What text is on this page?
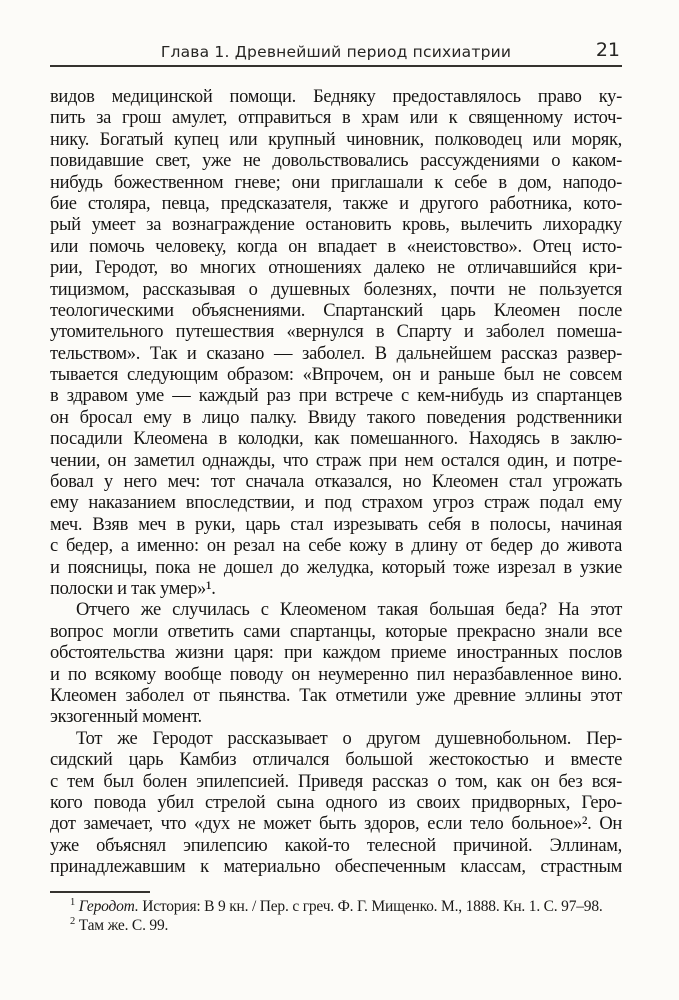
Глава 1. Древнейший период психиатрии	21
видов медицинской помощи. Бедняку предоставлялось право ку-
пить за грош амулет, отправиться в храм или к священному источ-
нику. Богатый купец или крупный чиновник, полководец или моряк,
повидавшие свет, уже не довольствовались рассуждениями о каком-
нибудь божественном гневе; они приглашали к себе в дом, наподо-
бие столяра, певца, предсказателя, также и другого работника, кото-
рый умеет за вознаграждение остановить кровь, вылечить лихорадку
или помочь человеку, когда он впадает в «неистовство». Отец исто-
рии, Геродот, во многих отношениях далеко не отличавшийся кри-
тицизмом, рассказывая о душевных болезнях, почти не пользуется
теологическими объяснениями. Спартанский царь Клеомен после
утомительного путешествия «вернулся в Спарту и заболел помеша-
тельством». Так и сказано — заболел. В дальнейшем рассказ развер-
тывается следующим образом: «Впрочем, он и раньше был не совсем
в здравом уме — каждый раз при встрече с кем-нибудь из спартанцев
он бросал ему в лицо палку. Ввиду такого поведения родственники
посадили Клеомена в колодки, как помешанного. Находясь в заклю-
чении, он заметил однажды, что страж при нем остался один, и потре-
бовал у него меч: тот сначала отказался, но Клеомен стал угрожать
ему наказанием впоследствии, и под страхом угроз страж подал ему
меч. Взяв меч в руки, царь стал изрезывать себя в полосы, начиная
с бедер, а именно: он резал на себе кожу в длину от бедер до живота
и поясницы, пока не дошел до желудка, который тоже изрезал в узкие
полоски и так умер»¹.
Отчего же случилась с Клеоменом такая большая беда? На этот
вопрос могли ответить сами спартанцы, которые прекрасно знали все
обстоятельства жизни царя: при каждом приеме иностранных послов
и по всякому вообще поводу он неумеренно пил неразбавленное вино.
Клеомен заболел от пьянства. Так отметили уже древние эллины этот
экзогенный момент.
Тот же Геродот рассказывает о другом душевнобольном. Пер-
сидский царь Камбиз отличался большой жестокостью и вместе
с тем был болен эпилепсией. Приведя рассказ о том, как он без вся-
кого повода убил стрелой сына одного из своих придворных, Геро-
дот замечает, что «дух не может быть здоров, если тело больное»². Он
уже объяснял эпилепсию какой-то телесной причиной. Эллинам,
принадлежавшим к материально обеспеченным классам, страстным
$^1$ Геродот. История: В 9 кн. / Пер. с греч. Ф. Г. Мищенко. М., 1888. Кн. 1. С. 97–98.
$^2$ Там же. С. 99.
